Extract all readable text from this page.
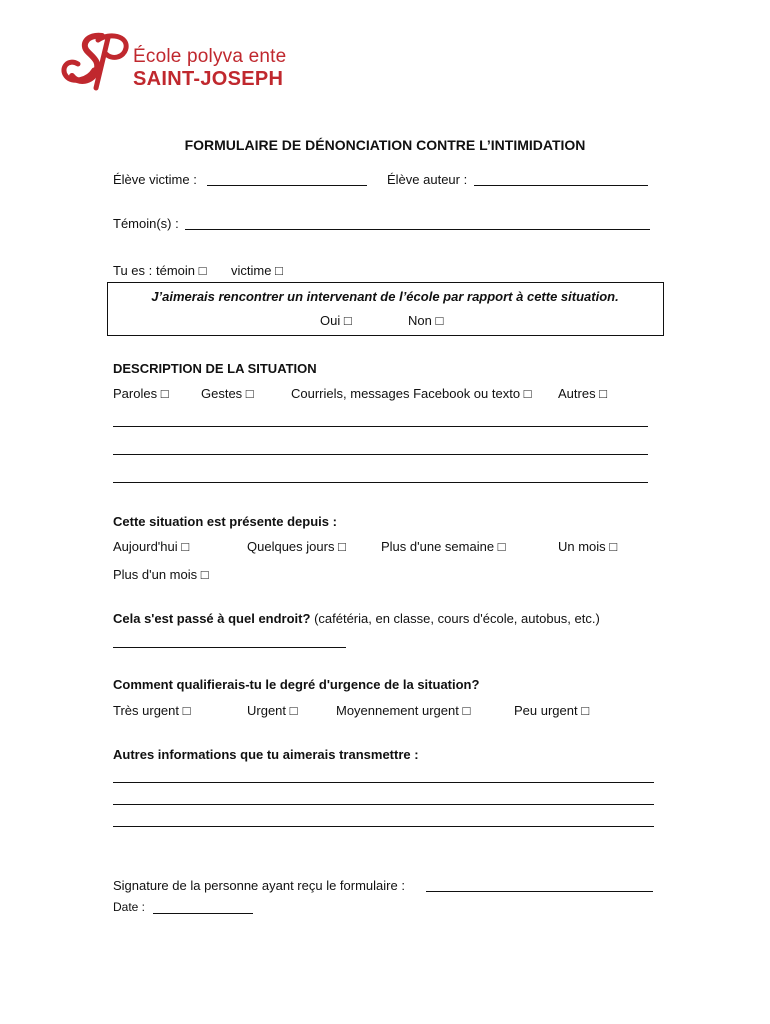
École polyva ente
SAINT-JOSEPH
FORMULAIRE DE DÉNONCIATION CONTRE L’INTIMIDATION
Élève victime :	Élève auteur :
Témoin(s) :
Tu es : témoin □ victime □
J’aimerais rencontrer un intervenant de l’école par rapport à cette situation.
Oui □	Non □
DESCRIPTION DE LA SITUATION
Paroles □ Gestes □	Courriels, messages Facebook ou texto □ Autres □
Cette situation est présente depuis :
Aujourd'hui □	Quelques jours □	Plus d'une semaine □	Un mois □
Plus d'un mois □
Cela s'est passé à quel endroit? (cafétéria, en classe, cours d'école, autobus, etc.)
Comment qualifierais-tu le degré d'urgence de la situation?
Très urgent □	Urgent □	Moyennement urgent □	Peu urgent □
Autres informations que tu aimerais transmettre :
Signature de la personne ayant reçu le formulaire :
Date :
